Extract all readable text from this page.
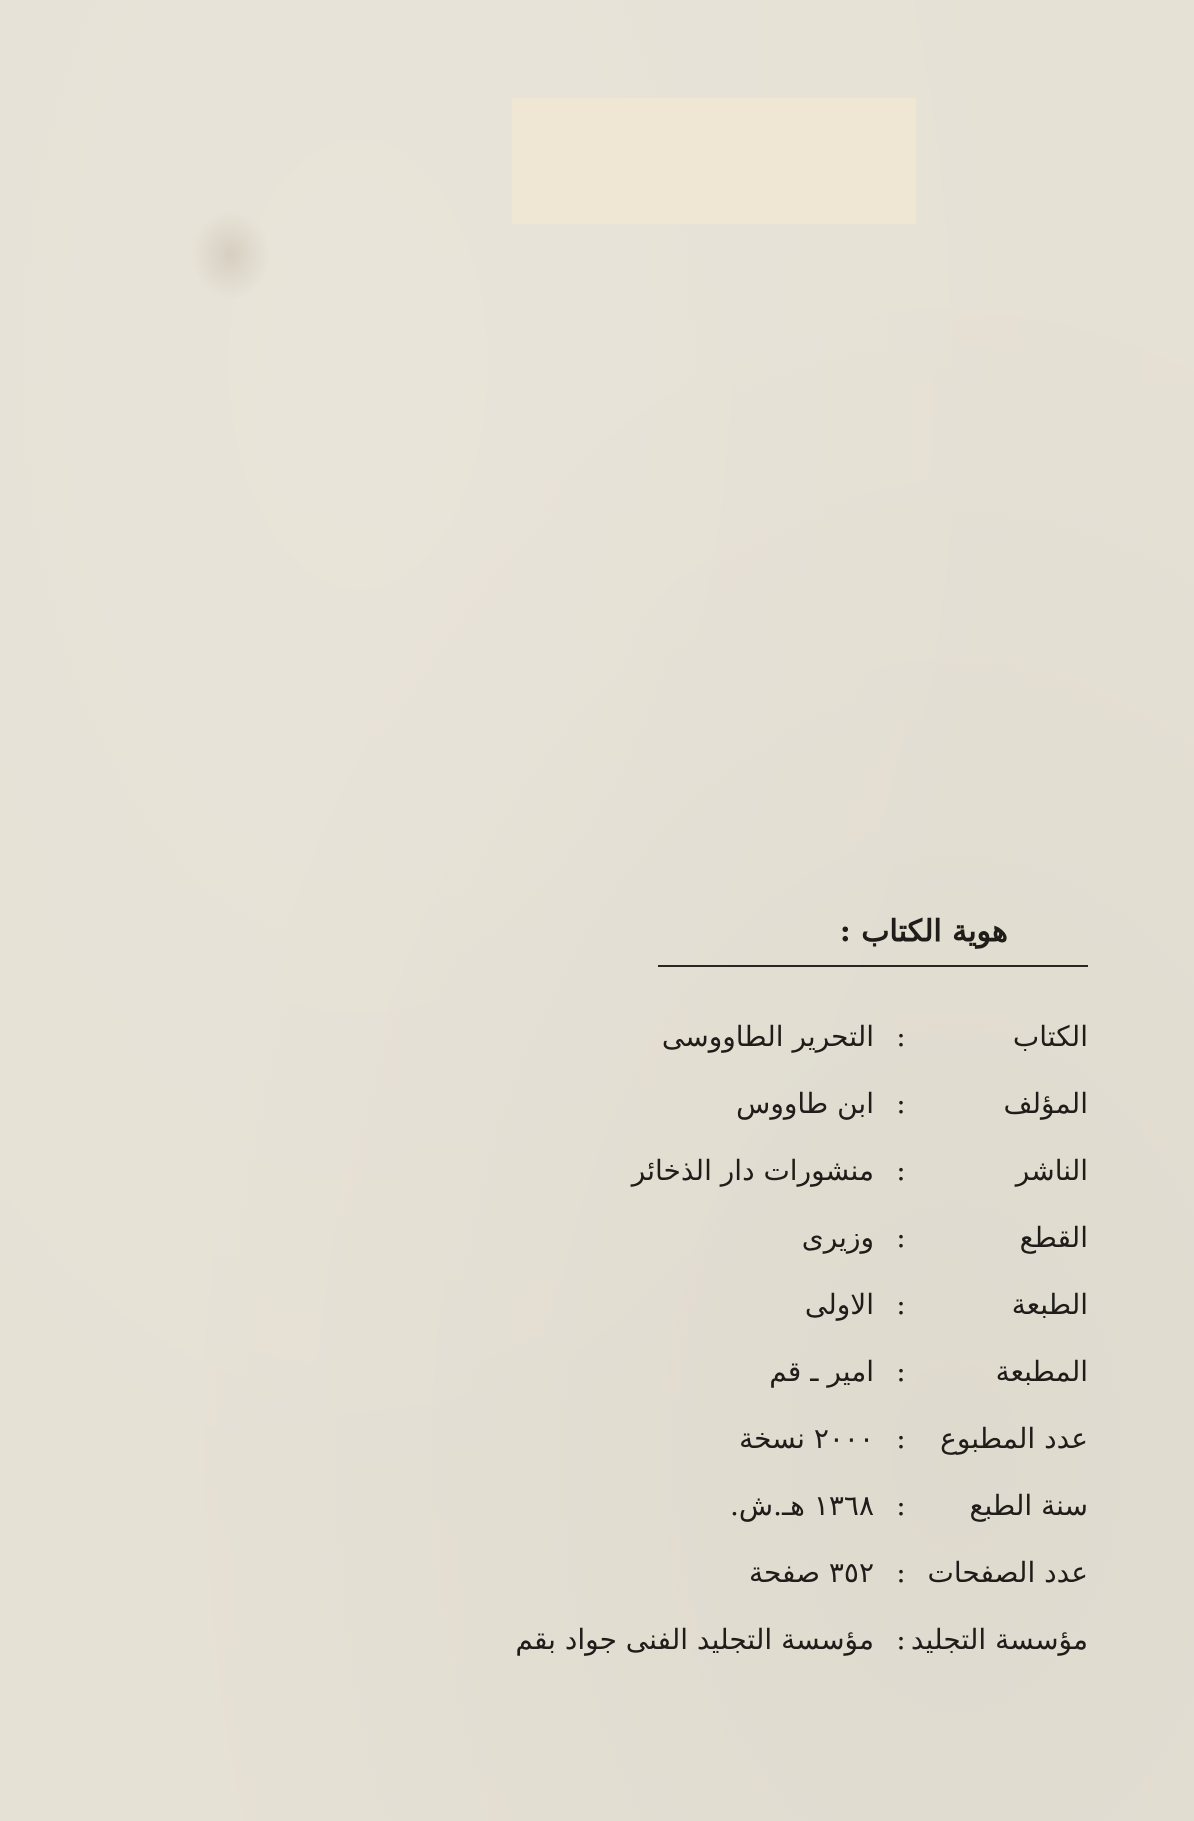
هوية الكتاب :
الكتاب
:
التحرير الطاووسى
المؤلف
:
ابن طاووس
الناشر
:
منشورات دار الذخائر
القطع
:
وزيرى
الطبعة
:
الاولى
المطبعة
:
امير ـ قم
عدد المطبوع
:
٢٠٠٠ نسخة
سنة الطبع
:
١٣٦٨ هـ.ش.
عدد الصفحات
:
٣٥٢ صفحة
مؤسسة التجليد
:
مؤسسة التجليد الفنى جواد بقم
